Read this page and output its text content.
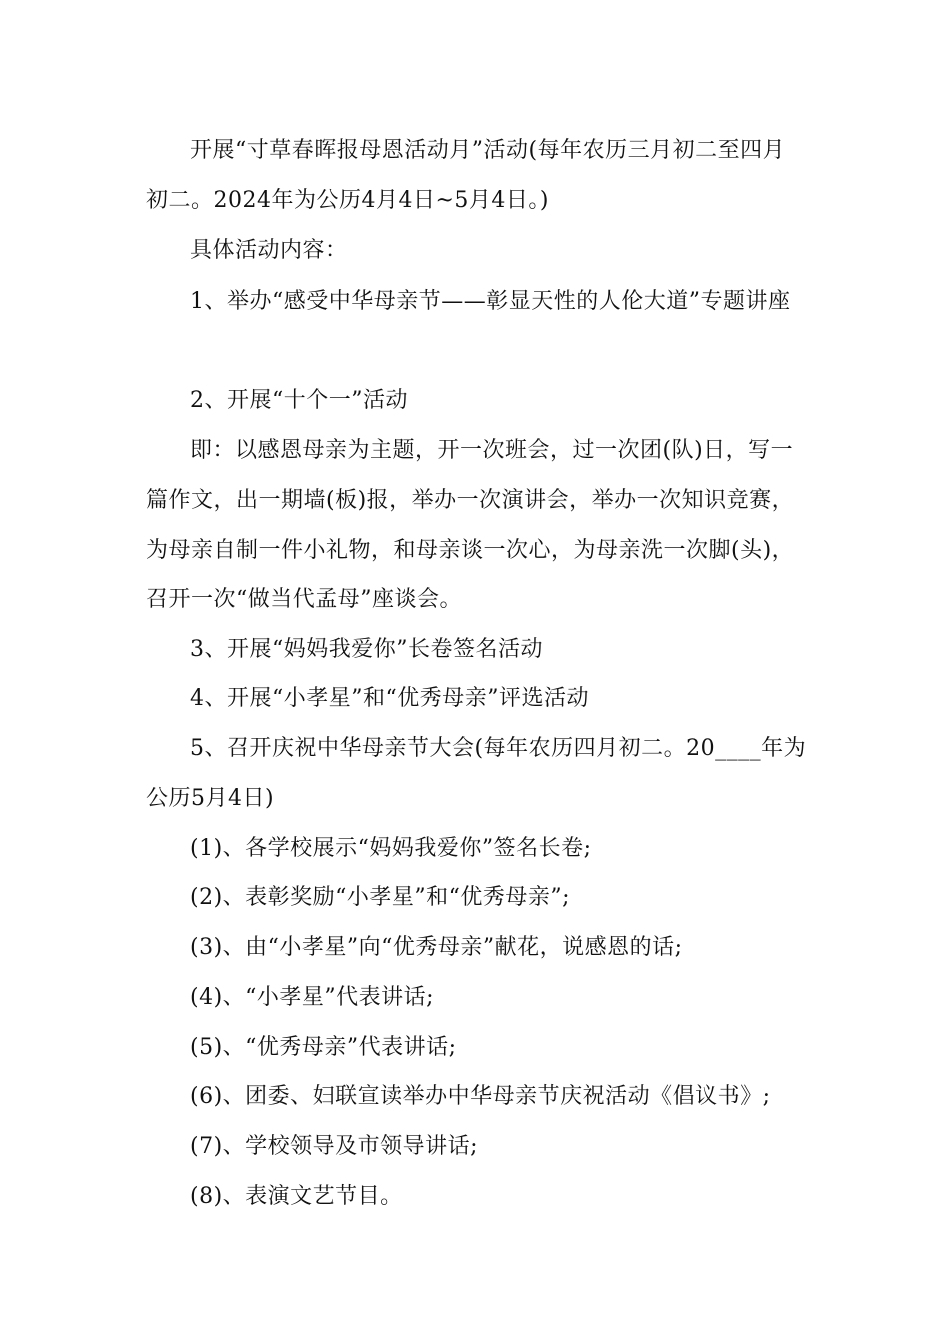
开展“寸草春晖报母恩活动月”活动(每年农历三月初二至四月
初二。2024年为公历4月4日~5月4日。)
具体活动内容：
1、举办“感受中华母亲节——彰显天性的人伦大道”专题讲座
2、开展“十个一”活动
即：以感恩母亲为主题，开一次班会，过一次团(队)日，写一
篇作文，出一期墙(板)报，举办一次演讲会，举办一次知识竞赛，
为母亲自制一件小礼物，和母亲谈一次心，为母亲洗一次脚(头)，
召开一次“做当代孟母”座谈会。
3、开展“妈妈我爱你”长卷签名活动
4、开展“小孝星”和“优秀母亲”评选活动
5、召开庆祝中华母亲节大会(每年农历四月初二。20____年为
公历5月4日)
(1)、各学校展示“妈妈我爱你”签名长卷;
(2)、表彰奖励“小孝星”和“优秀母亲”;
(3)、由“小孝星”向“优秀母亲”献花，说感恩的话;
(4)、“小孝星”代表讲话;
(5)、“优秀母亲”代表讲话;
(6)、团委、妇联宣读举办中华母亲节庆祝活动《倡议书》;
(7)、学校领导及市领导讲话;
(8)、表演文艺节目。
